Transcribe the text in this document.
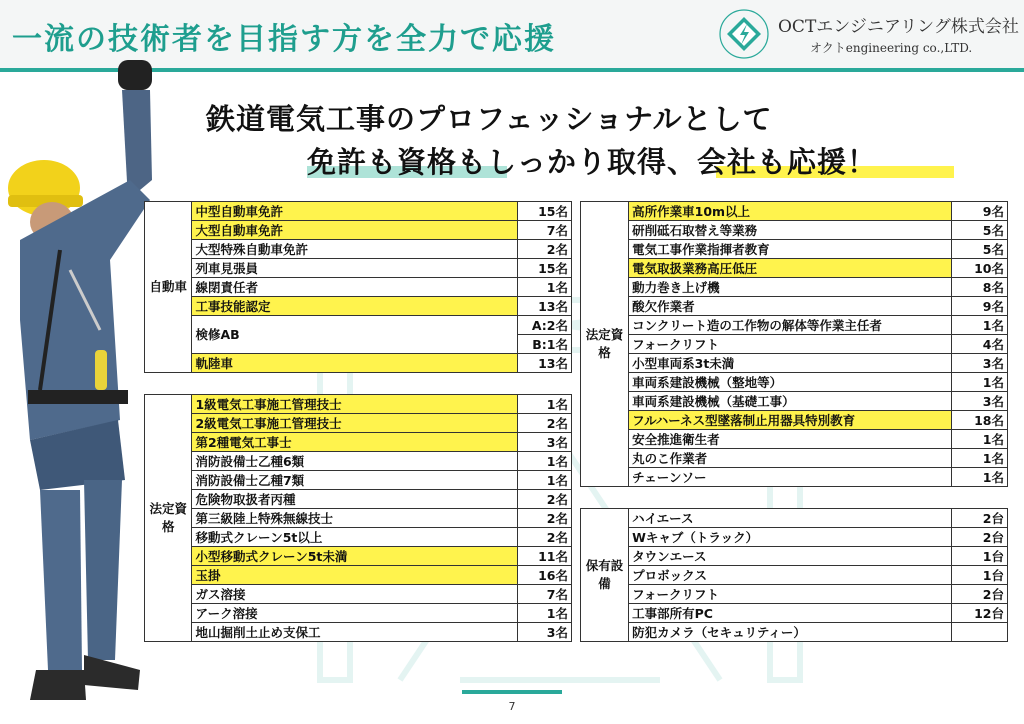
一流の技術者を目指す方を全力で応援	OCTエンジニアリング株式会社
オクトengineering co.,LTD.
鉄道電気工事のプロフェッショナルとして
免許も資格もしっかり取得、会社も応援！
自動車	中型自動車免許	15名
	大型自動車免許	7名
	大型特殊自動車免許	2名
	列車見張員	15名
	線閉責任者	1名
	工事技能認定	13名
	検修AB	A:2名
		B:1名
	軌陸車	13名
法定資格	1級電気工事施工管理技士	1名
	2級電気工事施工管理技士	2名
	第2種電気工事士	3名
	消防設備士乙種6類	1名
	消防設備士乙種7類	1名
	危険物取扱者丙種	2名
	第三級陸上特殊無線技士	2名
	移動式クレーン5t以上	2名
	小型移動式クレーン5t未満	11名
	玉掛	16名
	ガス溶接	7名
	アーク溶接	1名
	地山掘削土止め支保工	3名
法定資格	高所作業車10m以上	9名
	研削砥石取替え等業務	5名
	電気工事作業指揮者教育	5名
	電気取扱業務高圧低圧	10名
	動力巻き上げ機	8名
	酸欠作業者	9名
	コンクリート造の工作物の解体等作業主任者	1名
	フォークリフト	4名
	小型車両系3t未満	3名
	車両系建設機械（整地等）	1名
	車両系建設機械（基礎工事）	3名
	フルハーネス型墜落制止用器具特別教育	18名
	安全推進衛生者	1名
	丸のこ作業者	1名
	チェーンソー	1名
保有設備	ハイエース	2台
	Wキャブ（トラック）	2台
	タウンエース	1台
	プロボックス	1台
	フォークリフト	2台
	工事部所有PC	12台
	防犯カメラ（セキュリティー）	
7
